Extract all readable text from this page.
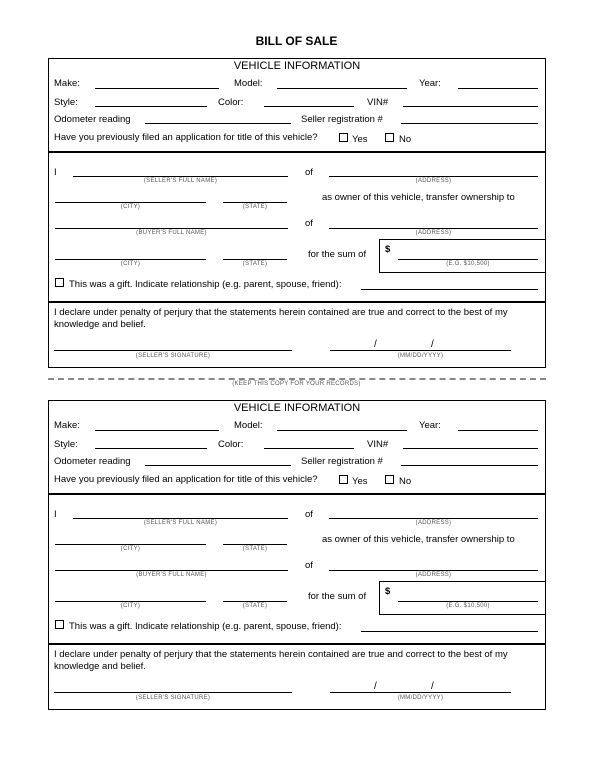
BILL OF SALE
VEHICLE INFORMATION
Make:	Model:	Year:
Style:	Color:	VIN#
Odometer reading	Seller registration #
Have you previously filed an application for title of this vehicle?	Yes	No
I
(SELLER'S FULL NAME)
of
(ADDRESS)
(CITY)	(STATE)
as owner of this vehicle, transfer ownership to
(BUYER'S FULL NAME)
of
(ADDRESS)
(CITY)	(STATE)
for the sum of $
(E.G. $10,500)
This was a gift. Indicate relationship (e.g. parent, spouse, friend):
I declare under penalty of perjury that the statements herein contained are true and correct to the best of my
knowledge and belief.
(SELLER'S SIGNATURE)
/	/
(MM/DD/YYYY)
(KEEP THIS COPY FOR YOUR RECORDS)
VEHICLE INFORMATION
Make:	Model:	Year:
Style:	Color:	VIN#
Odometer reading	Seller registration #
Have you previously filed an application for title of this vehicle?	Yes	No
I
(SELLER'S FULL NAME)
of
(ADDRESS)
(CITY)	(STATE)
as owner of this vehicle, transfer ownership to
(BUYER'S FULL NAME)
of
(ADDRESS)
(CITY)	(STATE)
for the sum of $
(E.G. $10,500)
This was a gift. Indicate relationship (e.g. parent, spouse, friend):
I declare under penalty of perjury that the statements herein contained are true and correct to the best of my
knowledge and belief.
(SELLER'S SIGNATURE)
/	/
(MM/DD/YYYY)
